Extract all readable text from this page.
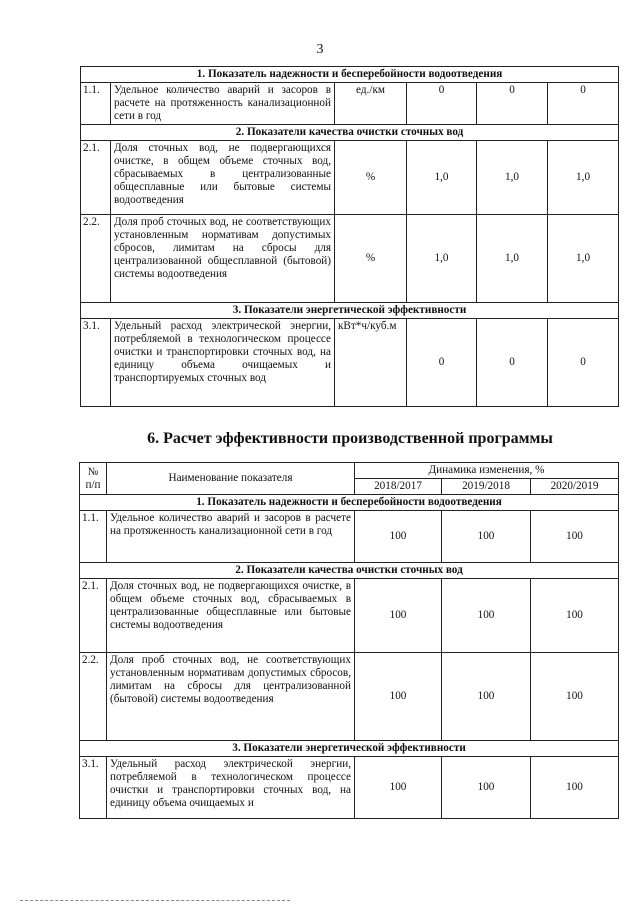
3
1. Показатель надежности и бесперебойности водоотведения					
1.1.	Удельное количество аварий и засоров в расчете на протяженность канализационной сети в год	ед./км	0	0	0
2. Показатели качества очистки сточных вод					
2.1.	Доля сточных вод, не подвергающихся очистке, в общем объеме сточных вод, сбрасываемых в централизованные общесплавные или бытовые системы водоотведения	%	1,0	1,0	1,0
2.2.	Доля проб сточных вод, не соответствующих установленным нормативам допустимых сбросов, лимитам на сбросы для централизованной общесплавной (бытовой) системы водоотведения	%	1,0	1,0	1,0
3. Показатели энергетической эффективности					
3.1.	Удельный расход электрической энергии, потребляемой в технологическом процессе очистки и транспортировки сточных вод, на единицу объема очищаемых и транспортируемых сточных вод	кВт*ч/куб.м	0	0	0
6. Расчет эффективности производственной программы
№ п/п	Наименование показателя	Динамика изменения, %		
		2018/2017	2019/2018	2020/2019
1. Показатель надежности и бесперебойности водоотведения				
1.1.	Удельное количество аварий и засоров в расчете на протяженность канализационной сети в год	100	100	100
2. Показатели качества очистки сточных вод				
2.1.	Доля сточных вод, не подвергающихся очистке, в общем объеме сточных вод, сбрасываемых в централизованные общесплавные или бытовые системы водоотведения	100	100	100
2.2.	Доля проб сточных вод, не соответствующих установленным нормативам допустимых сбросов, лимитам на сбросы для централизованной (бытовой) системы водоотведения	100	100	100
3. Показатели энергетической эффективности				
3.1.	Удельный расход электрической энергии, потребляемой в технологическом процессе очистки и транспортировки сточных вод, на единицу объема очищаемых и	100	100	100
